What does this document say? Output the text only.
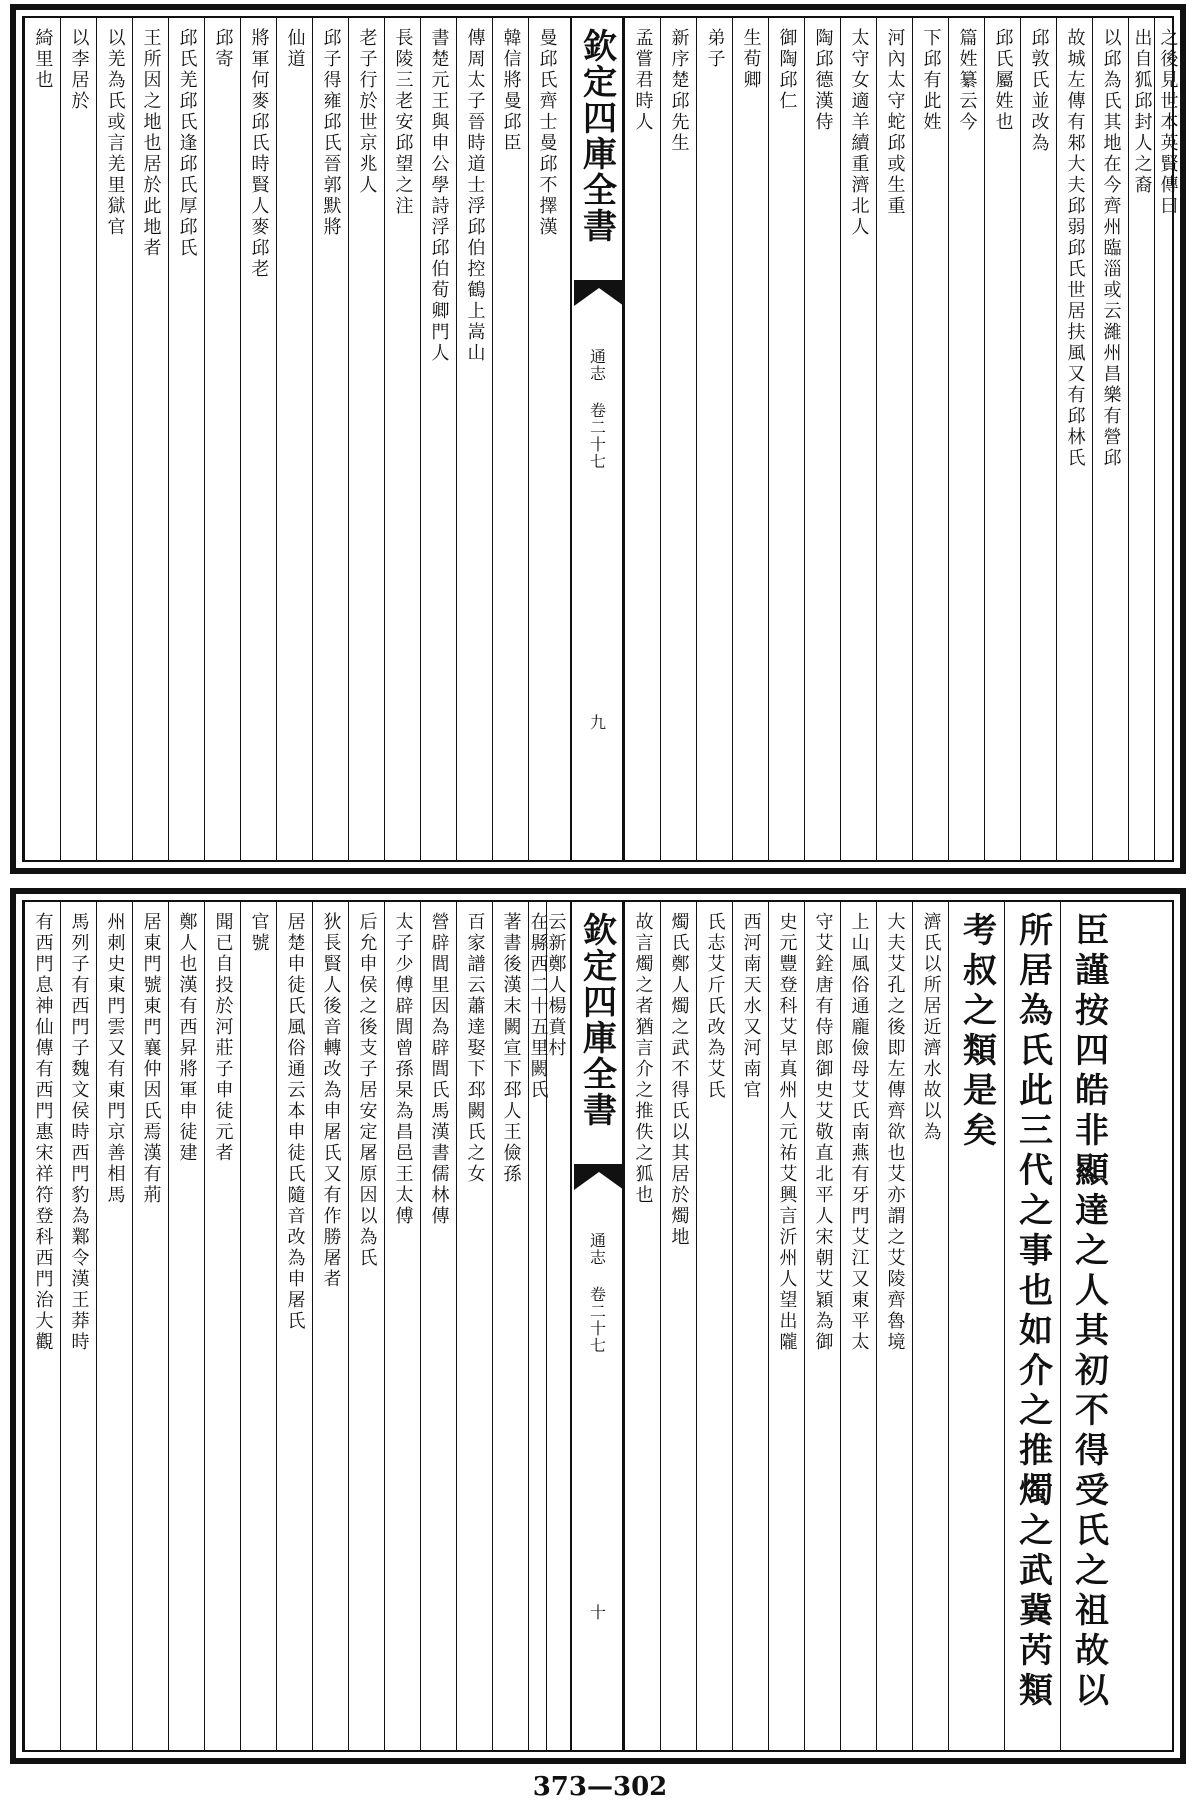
孟嘗君時人 新序楚邱先生 弟子 生荀卿 御陶邱仁 陶邱德漢侍 太守女適羊續重濟北人 河內太守蛇邱或生重 下邱有此姓 篇姓纂云今 邱氏屬姓也 邱敦氏並改為 故城左傳有邾大夫邱弱邱氏世居扶風又有邱林氏 以邱為氏其地在今齊州臨淄或云濰州昌樂有營邱 出自狐邱封人之裔 之後見世本英賢傳曰
欽定四庫全書
通志 卷二十七
九
綺里也 以李居於 以羌為氏或言羌里獄官 王所因之地也居於此地者 邱氏羌邱氏逢邱氏厚邱氏 邱寄 將軍何麥邱氏時賢人麥邱老 仙道 邱子得雍邱氏晉郭默將 老子行於世京兆人 長陵三老安邱望之注 書楚元王與申公學詩浮邱伯荀卿門人 傳周太子晉時道士浮邱伯控鶴上嵩山 韓信將曼邱臣 曼邱氏齊士曼邱不擇漢
故言燭之者猶言介之推佚之狐也 燭氏鄭人燭之武不得氏以其居於燭地 氏志艾斤氏改為艾氏 西河南天水又河南官 史元豐登科艾早真州人元祐艾興言沂州人望出隴 守艾銓唐有侍郎御史艾敬直北平人宋朝艾穎為御 上山風俗通龐儉母艾氏南燕有牙門艾江又東平太 大夫艾孔之後即左傳齊欲也艾亦謂之艾陵齊魯境 濟氏以所居近濟水故以為 考叔之類是矣 所居為氏此三代之事也如介之推燭之武冀芮類 臣謹按四皓非顯達之人其初不得受氏之祖故以
欽定四庫全書
通志 卷二十七
十
有西門息神仙傳有西門惠宋祥符登科西門治大觀 馬列子有西門子魏文侯時西門豹為鄴令漢王莽時 州刺史東門雲又有東門京善相馬 居東門號東門襄仲因氏焉漢有荊 鄭人也漢有西昇將軍申徒建 聞已自投於河莊子申徒元者 官號 居楚申徒氏風俗通云本申徒氏隨音改為申屠氏 狄長賢人後音轉改為申屠氏又有作勝屠者 后允申侯之後支子居安定屠原因以為氏 太子少傅辟閭曾孫杲為昌邑王太傅 營辟閭里因為辟閭氏馬漢書儒林傳 百家譜云蕭達娶下邳闕氏之女 著書後漢末闕宣下邳人王儉孫 在縣西二十五里闕氏
云新鄭人楊賁村
373—302
